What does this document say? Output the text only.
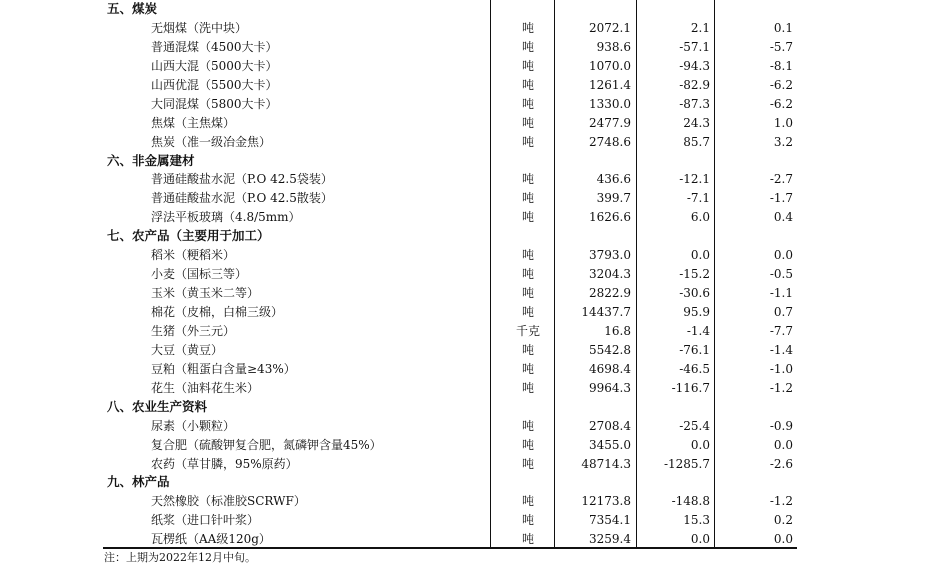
五、煤炭
无烟煤（洗中块）	吨	2072.1	2.1	0.1
普通混煤（4500大卡）	吨	938.6	-57.1	-5.7
山西大混（5000大卡）	吨	1070.0	-94.3	-8.1
山西优混（5500大卡）	吨	1261.4	-82.9	-6.2
大同混煤（5800大卡）	吨	1330.0	-87.3	-6.2
焦煤（主焦煤）	吨	2477.9	24.3	1.0
焦炭（准一级冶金焦）	吨	2748.6	85.7	3.2
六、非金属建材
普通硅酸盐水泥（P.O 42.5袋装）	吨	436.6	-12.1	-2.7
普通硅酸盐水泥（P.O 42.5散装）	吨	399.7	-7.1	-1.7
浮法平板玻璃（4.8/5mm）	吨	1626.6	6.0	0.4
七、农产品（主要用于加工）
稻米（粳稻米）	吨	3793.0	0.0	0.0
小麦（国标三等）	吨	3204.3	-15.2	-0.5
玉米（黄玉米二等）	吨	2822.9	-30.6	-1.1
棉花（皮棉，白棉三级）	吨	14437.7	95.9	0.7
生猪（外三元）	千克	16.8	-1.4	-7.7
大豆（黄豆）	吨	5542.8	-76.1	-1.4
豆粕（粗蛋白含量≥43%）	吨	4698.4	-46.5	-1.0
花生（油料花生米）	吨	9964.3	-116.7	-1.2
八、农业生产资料
尿素（小颗粒）	吨	2708.4	-25.4	-0.9
复合肥（硫酸钾复合肥，氮磷钾含量45%）	吨	3455.0	0.0	0.0
农药（草甘膦，95%原药）	吨	48714.3	-1285.7	-2.6
九、林产品
天然橡胶（标准胶SCRWF）	吨	12173.8	-148.8	-1.2
纸浆（进口针叶浆）	吨	7354.1	15.3	0.2
瓦楞纸（AA级120g）	吨	3259.4	0.0	0.0
注：上期为2022年12月中旬。
